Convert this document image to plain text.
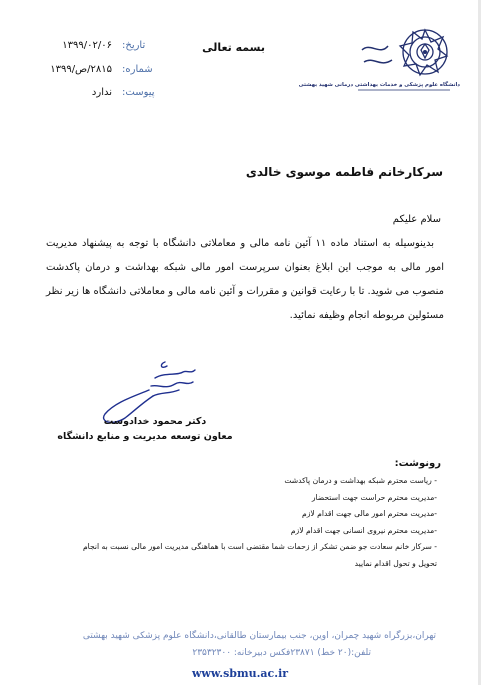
دانشگاه علوم پزشکی و خدمات بهداشتی درمانی شهید بهشتی
بسمه تعالی
تاریخ:
۱۳۹۹/۰۲/۰۶
شماره:
۲۸۱۵/ص/۱۳۹۹
پیوست:
ندارد
سرکارخانم فاطمه موسوی خالدی
سلام علیکم

بدینوسیله به استناد ماده ۱۱ آئین نامه مالی و معاملاتی دانشگاه با توجه به پیشنهاد مدیریت امور مالی به موجب این ابلاغ بعنوان سرپرست امور مالی شبکه بهداشت و درمان پاکدشت منصوب می شوید. تا با رعایت قوانین و مقررات و آئین نامه مالی و معاملاتی دانشگاه ها زیر نظر مسئولین مربوطه انجام وظیفه نمائید.

دکتر محمود خدادوست
معاون توسعه مدیریت و منابع دانشگاه
رونوشت:
- ریاست محترم شبکه بهداشت و درمان پاکدشت
-مدیریت محترم حراست جهت استحضار
-مدیریت محترم امور مالی جهت اقدام لازم
-مدیریت محترم نیروی انسانی جهت اقدام لازم
- سرکار خانم سعادت جو ضمن تشکر از زحمات شما مقتضی است با هماهنگی مدیریت امور مالی نسبت به انجام
تحویل و تحول اقدام نمایید
تهران،بزرگراه شهید چمران، اوین، جنب بیمارستان طالقانی،دانشگاه علوم پزشکی شهید بهشتی
تلفن:(۲۰ خط) ۲۳۸۷۱فکس دبیرخانه: ۲۳۵۳۲۳۰۰
www.sbmu.ac.ir
